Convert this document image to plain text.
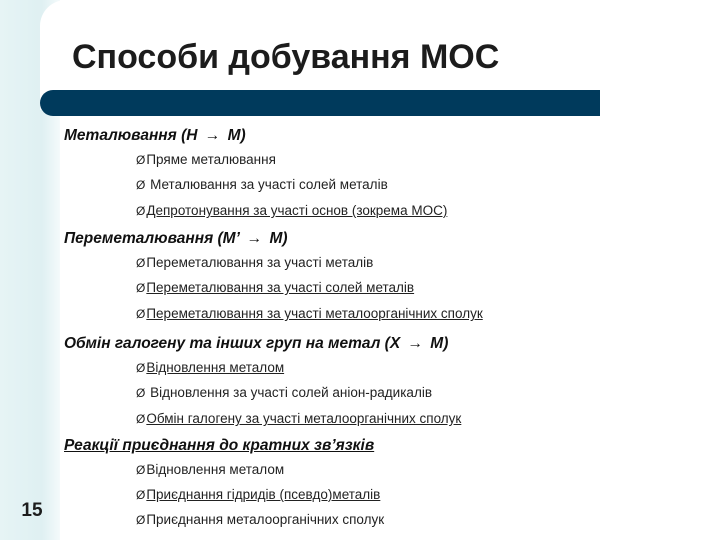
Способи добування МОС
Металювання (H → M)
ØПряме металювання
Ø Металювання за участі солей металів
ØДепротонування за участі основ (зокрема МОС)
Переметалювання (M’ → M)
ØПереметалювання за участі металів
ØПереметалювання за участі солей металів
ØПереметалювання за участі металоорганічних сполук
Обмін галогену та інших груп на метал (X → M)
ØВідновлення металом
Ø Відновлення за участі солей аніон-радикалів
ØОбмін галогену за участі металоорганічних сполук
Реакції приєднання до кратних зв’язків
ØВідновлення металом
ØПриєднання гідридів (псевдо)металів
ØПриєднання металоорганічних сполук
15
